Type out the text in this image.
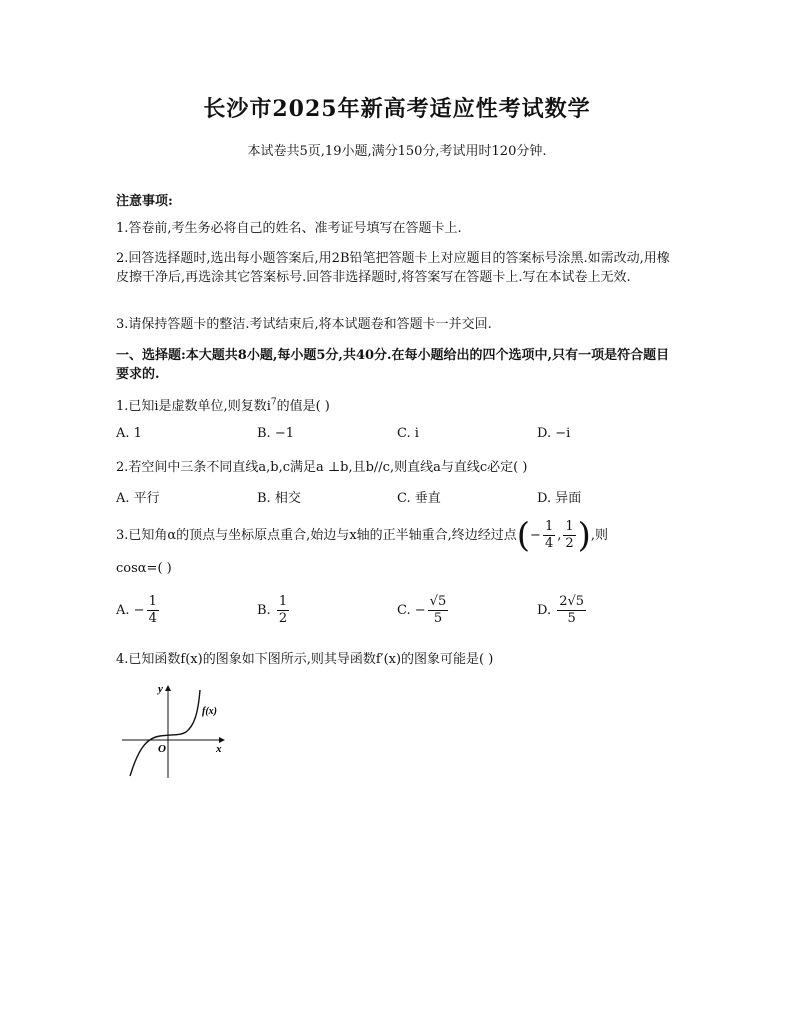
长沙市2025年新高考适应性考试数学
本试卷共5页,19小题,满分150分,考试用时120分钟.
注意事项:
1.答卷前,考生务必将自己的姓名、准考证号填写在答题卡上.
2.回答选择题时,选出每小题答案后,用2B铅笔把答题卡上对应题目的答案标号涂黑.如需改动,用橡皮擦干净后,再选涂其它答案标号.回答非选择题时,将答案写在答题卡上.写在本试卷上无效.
3.请保持答题卡的整洁.考试结束后,将本试题卷和答题卡一并交回.
一、选择题:本大题共8小题,每小题5分,共40分.在每小题给出的四个选项中,只有一项是符合题目要求的.
1.已知i是虚数单位,则复数$i^7$的值是( )
A. 1	B. −1	C. i	D. −i
2.若空间中三条不同直线a,b,c满足a ⊥b,且b//c,则直线a与直线c必定( )
A. 平行	B. 相交	C. 垂直	D. 异面
3.已知角α的顶点与坐标原点重合,始边与x轴的正半轴重合,终边经过点(− $\frac{1}{4}$ , $\frac{1}{2}$ ),则
cosα=( )
A. − $\frac{1}{4}$	B. $\frac{1}{2}$	C. − $\frac{√5}{5}$	D. $\frac{2√5}{5}$
4.已知函数f(x)的图象如下图所示,则其导函数f′(x)的图象可能是( )
y
x
O
f(x)
